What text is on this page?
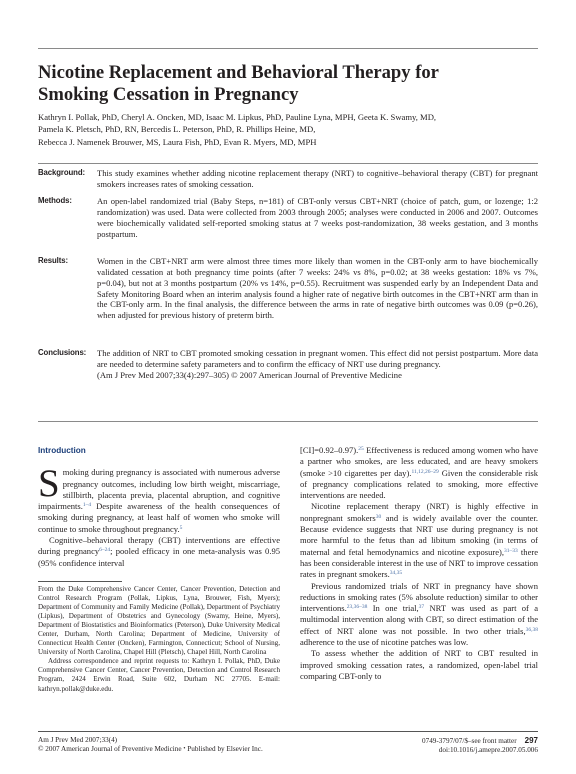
Nicotine Replacement and Behavioral Therapy for
Smoking Cessation in Pregnancy
Kathryn I. Pollak, PhD, Cheryl A. Oncken, MD, Isaac M. Lipkus, PhD, Pauline Lyna, MPH, Geeta K. Swamy, MD,
Pamela K. Pletsch, PhD, RN, Bercedis L. Peterson, PhD, R. Phillips Heine, MD,
Rebecca J. Namenek Brouwer, MS, Laura Fish, PhD, Evan R. Myers, MD, MPH
Background:	This study examines whether adding nicotine replacement therapy (NRT) to cognitive–behavioral therapy (CBT) for pregnant smokers increases rates of smoking cessation.
Methods:	An open-label randomized trial (Baby Steps, n=181) of CBT-only versus CBT+NRT (choice of patch, gum, or lozenge; 1:2 randomization) was used. Data were collected from 2003 through 2005; analyses were conducted in 2006 and 2007. Outcomes were biochemically validated self-reported smoking status at 7 weeks post-randomization, 38 weeks gestation, and 3 months postpartum.
Results:	Women in the CBT+NRT arm were almost three times more likely than women in the CBT-only arm to have biochemically validated cessation at both pregnancy time points (after 7 weeks: 24% vs 8%, p=0.02; at 38 weeks gestation: 18% vs 7%, p=0.04), but not at 3 months postpartum (20% vs 14%, p=0.55). Recruitment was suspended early by an Independent Data and Safety Monitoring Board when an interim analysis found a higher rate of negative birth outcomes in the CBT+NRT arm than in the CBT-only arm. In the final analysis, the difference between the arms in rate of negative birth outcomes was 0.09 (p=0.26), when adjusted for previous history of preterm birth.
Conclusions:	The addition of NRT to CBT promoted smoking cessation in pregnant women. This effect did not persist postpartum. More data are needed to determine safety parameters and to confirm the efficacy of NRT use during pregnancy.
(Am J Prev Med 2007;33(4):297–305) © 2007 American Journal of Preventive Medicine
Introduction

Smoking during pregnancy is associated with numerous adverse pregnancy outcomes, including low birth weight, miscarriage, stillbirth, placenta previa, placental abruption, and cognitive impairments.$^{1-4}$ Despite awareness of the health consequences of smoking during pregnancy, at least half of women who smoke will continue to smoke throughout pregnancy.$^5$

Cognitive–behavioral therapy (CBT) interventions are effective during pregnancy$^{6-24}$; pooled efficacy in one meta-analysis was 0.95 (95% confidence interval

From the Duke Comprehensive Cancer Center, Cancer Prevention, Detection and Control Research Program (Pollak, Lipkus, Lyna, Brouwer, Fish, Myers); Department of Community and Family Medicine (Pollak), Department of Psychiatry (Lipkus), Department of Obstetrics and Gynecology (Swamy, Heine, Myers), Department of Biostatistics and Bioinformatics (Peterson), Duke University Medical Center, Durham, North Carolina; Department of Medicine, University of Connecticut Health Center (Oncken), Farmington, Connecticut; School of Nursing, University of North Carolina, Chapel Hill (Pletsch), Chapel Hill, North Carolina

Address correspondence and reprint requests to: Kathryn I. Pollak, PhD, Duke Comprehensive Cancer Center, Cancer Prevention, Detection and Control Research Program, 2424 Erwin Road, Suite 602, Durham NC 27705. E-mail: kathryn.pollak@duke.edu.

[CI]=0.92–0.97).$^{25}$ Effectiveness is reduced among women who have a partner who smokes, are less educated, and are heavy smokers (smoke >10 cigarettes per day).$^{11,12,26-29}$ Given the considerable risk of pregnancy complications related to smoking, more effective interventions are needed.

Nicotine replacement therapy (NRT) is highly effective in nonpregnant smokers$^{30}$ and is widely available over the counter. Because evidence suggests that NRT use during pregnancy is not more harmful to the fetus than ad libitum smoking (in terms of maternal and fetal hemodynamics and nicotine exposure),$^{31-33}$ there has been considerable interest in the use of NRT to improve cessation rates in pregnant smokers.$^{34,35}$

Previous randomized trials of NRT in pregnancy have shown reductions in smoking rates (5% absolute reduction) similar to other interventions.$^{23,36-38}$ In one trial,$^{37}$ NRT was used as part of a multimodal intervention along with CBT, so direct estimation of the effect of NRT alone was not possible. In two other trials,$^{36,38}$ adherence to the use of nicotine patches was low.

To assess whether the addition of NRT to CBT resulted in improved smoking cessation rates, a randomized, open-label trial comparing CBT-only to

Am J Prev Med 2007;33(4)
© 2007 American Journal of Preventive Medicine • Published by Elsevier Inc.
0749-3797/07/$–see front matter 297
doi:10.1016/j.amepre.2007.05.006
